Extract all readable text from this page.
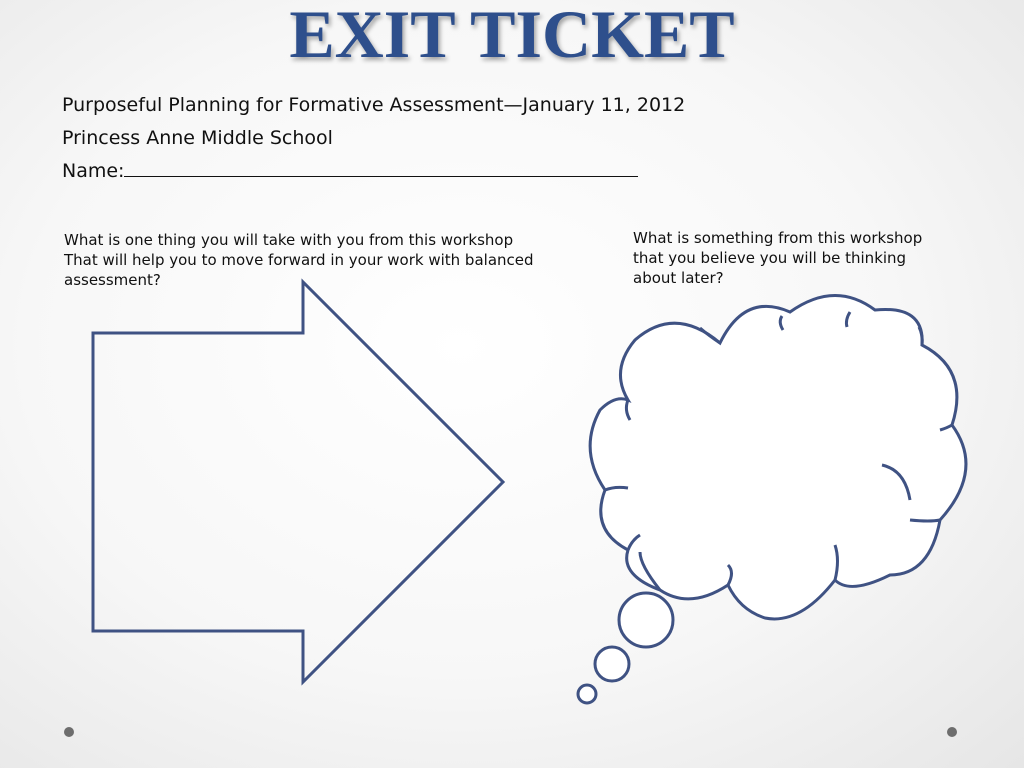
EXIT TICKET
Purposeful Planning for Formative Assessment—January 11, 2012
Princess Anne Middle School
Name:
What is one thing you will take with you from this workshop
That will help you to move forward in your work with balanced assessment?
What is something from this workshop
that you believe you will be thinking
about later?
